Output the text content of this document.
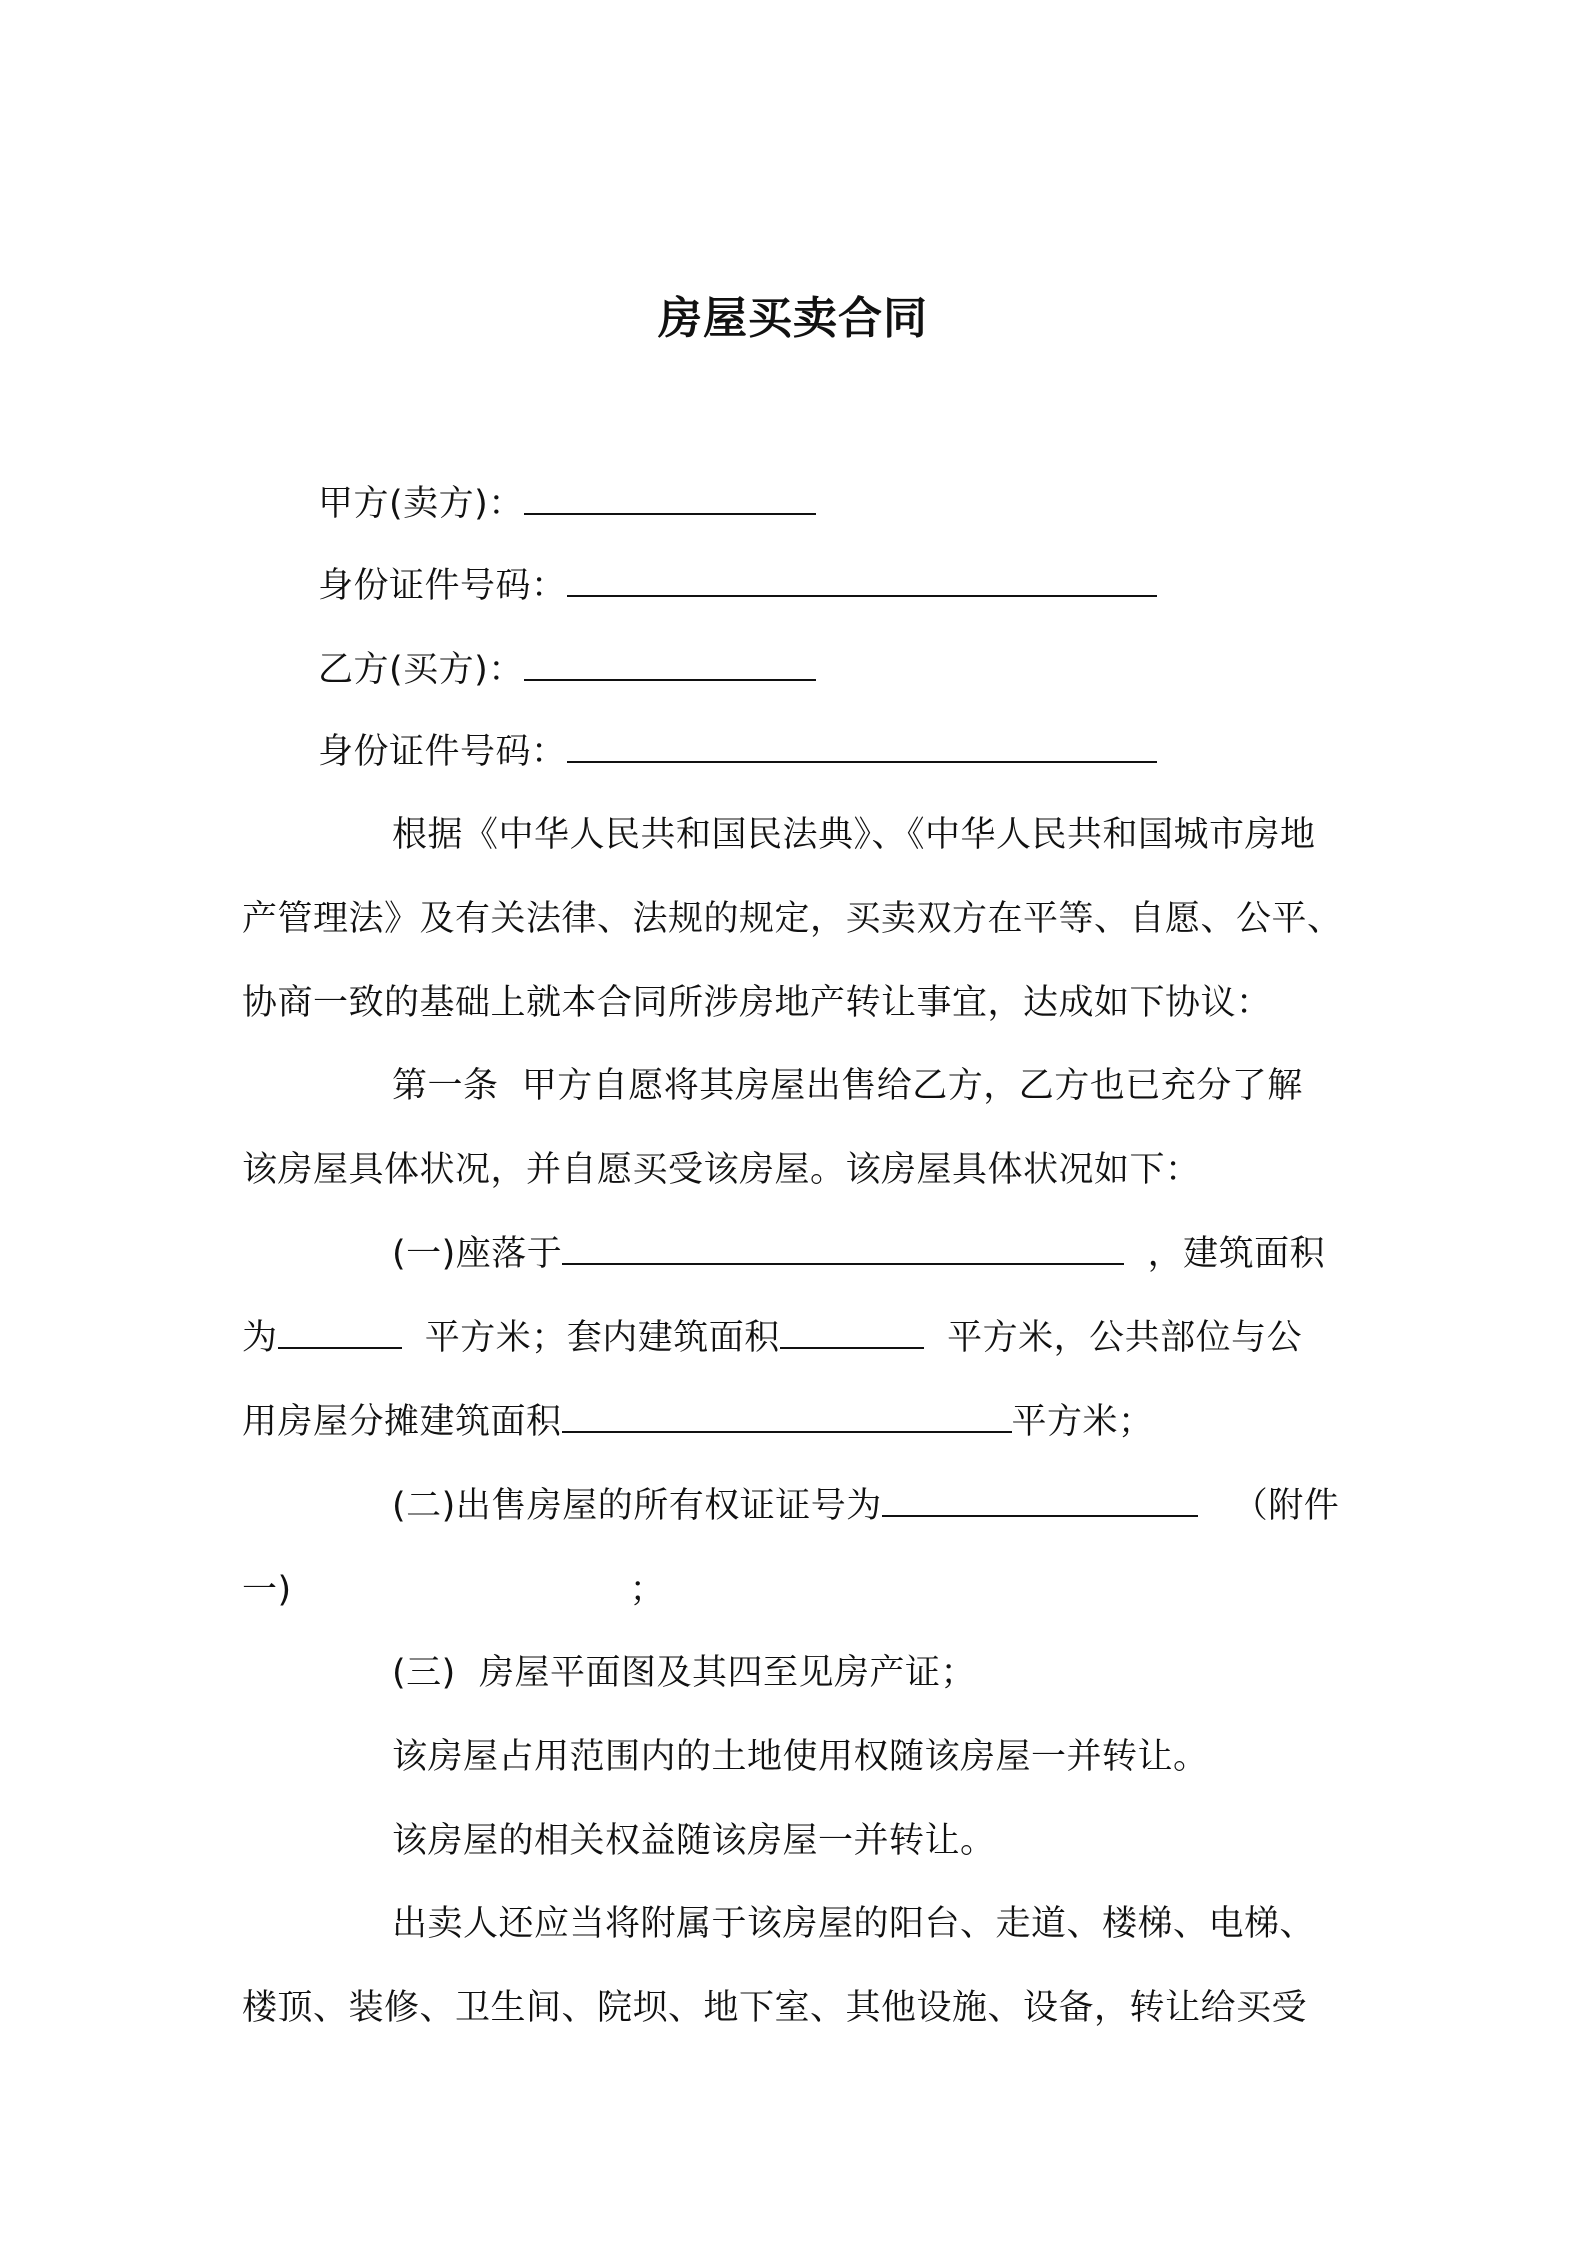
房屋买卖合同
甲方(卖方)：
身份证件号码：
乙方(买方)：
身份证件号码：
根据《中华人民共和国民法典》、《中华人民共和国城市房地
产管理法》及有关法律、法规的规定，买卖双方在平等、自愿、公平、
协商一致的基础上就本合同所涉房地产转让事宜，达成如下协议：
第一条  甲方自愿将其房屋出售给乙方，乙方也已充分了解
该房屋具体状况，并自愿买受该房屋。该房屋具体状况如下：
(一)座落于	，建筑面积
为	平方米；套内建筑面积	平方米，公共部位与公
用房屋分摊建筑面积	平方米；
(二)出售房屋的所有权证证号为	（附件
一)	；
(三)  房屋平面图及其四至见房产证；
该房屋占用范围内的土地使用权随该房屋一并转让。
该房屋的相关权益随该房屋一并转让。
出卖人还应当将附属于该房屋的阳台、走道、楼梯、电梯、
楼顶、装修、卫生间、院坝、地下室、其他设施、设备，转让给买受
